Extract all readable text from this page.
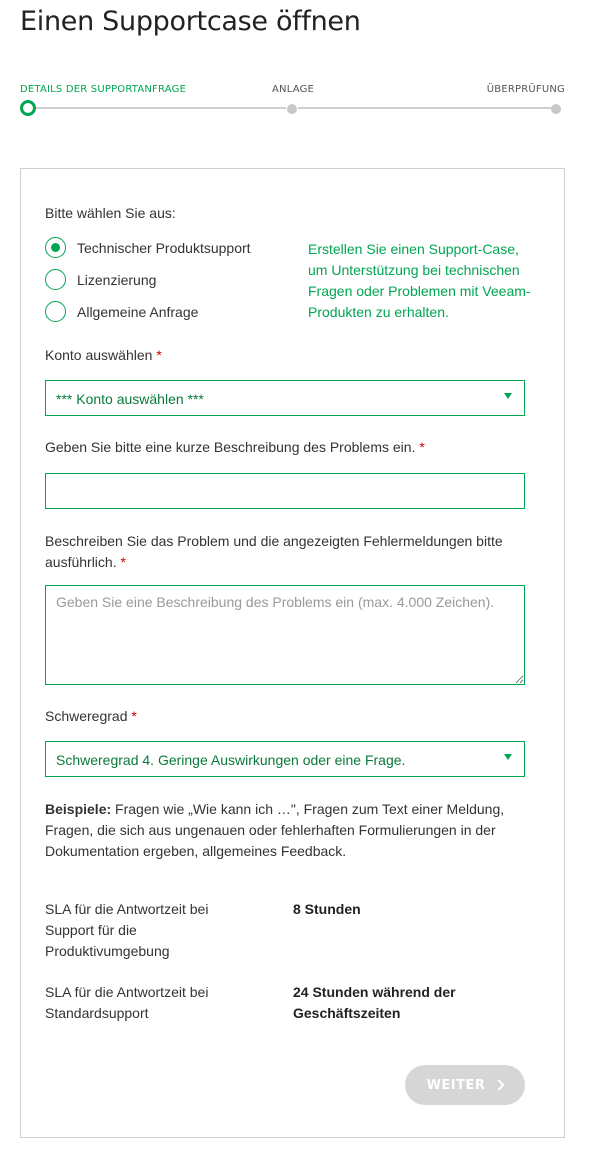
Einen Supportcase öffnen
DETAILS DER SUPPORTANFRAGE	ANLAGE	ÜBERPRÜFUNG
Bitte wählen Sie aus:
Technischer Produktsupport
Lizenzierung
Allgemeine Anfrage
Erstellen Sie einen Support-Case, um Unterstützung bei technischen Fragen oder Problemen mit Veeam-Produkten zu erhalten.
Konto auswählen *
*** Konto auswählen ***
Geben Sie bitte eine kurze Beschreibung des Problems ein. *
Beschreiben Sie das Problem und die angezeigten Fehlermeldungen bitte ausführlich. *
Geben Sie eine Beschreibung des Problems ein (max. 4.000 Zeichen).
Schweregrad *
Schweregrad 4. Geringe Auswirkungen oder eine Frage.
Beispiele: Fragen wie „Wie kann ich …", Fragen zum Text einer Meldung, Fragen, die sich aus ungenauen oder fehlerhaften Formulierungen in der Dokumentation ergeben, allgemeines Feedback.
SLA für die Antwortzeit bei Support für die Produktivumgebung
8 Stunden
SLA für die Antwortzeit bei Standardsupport
24 Stunden während der Geschäftszeiten
WEITER
